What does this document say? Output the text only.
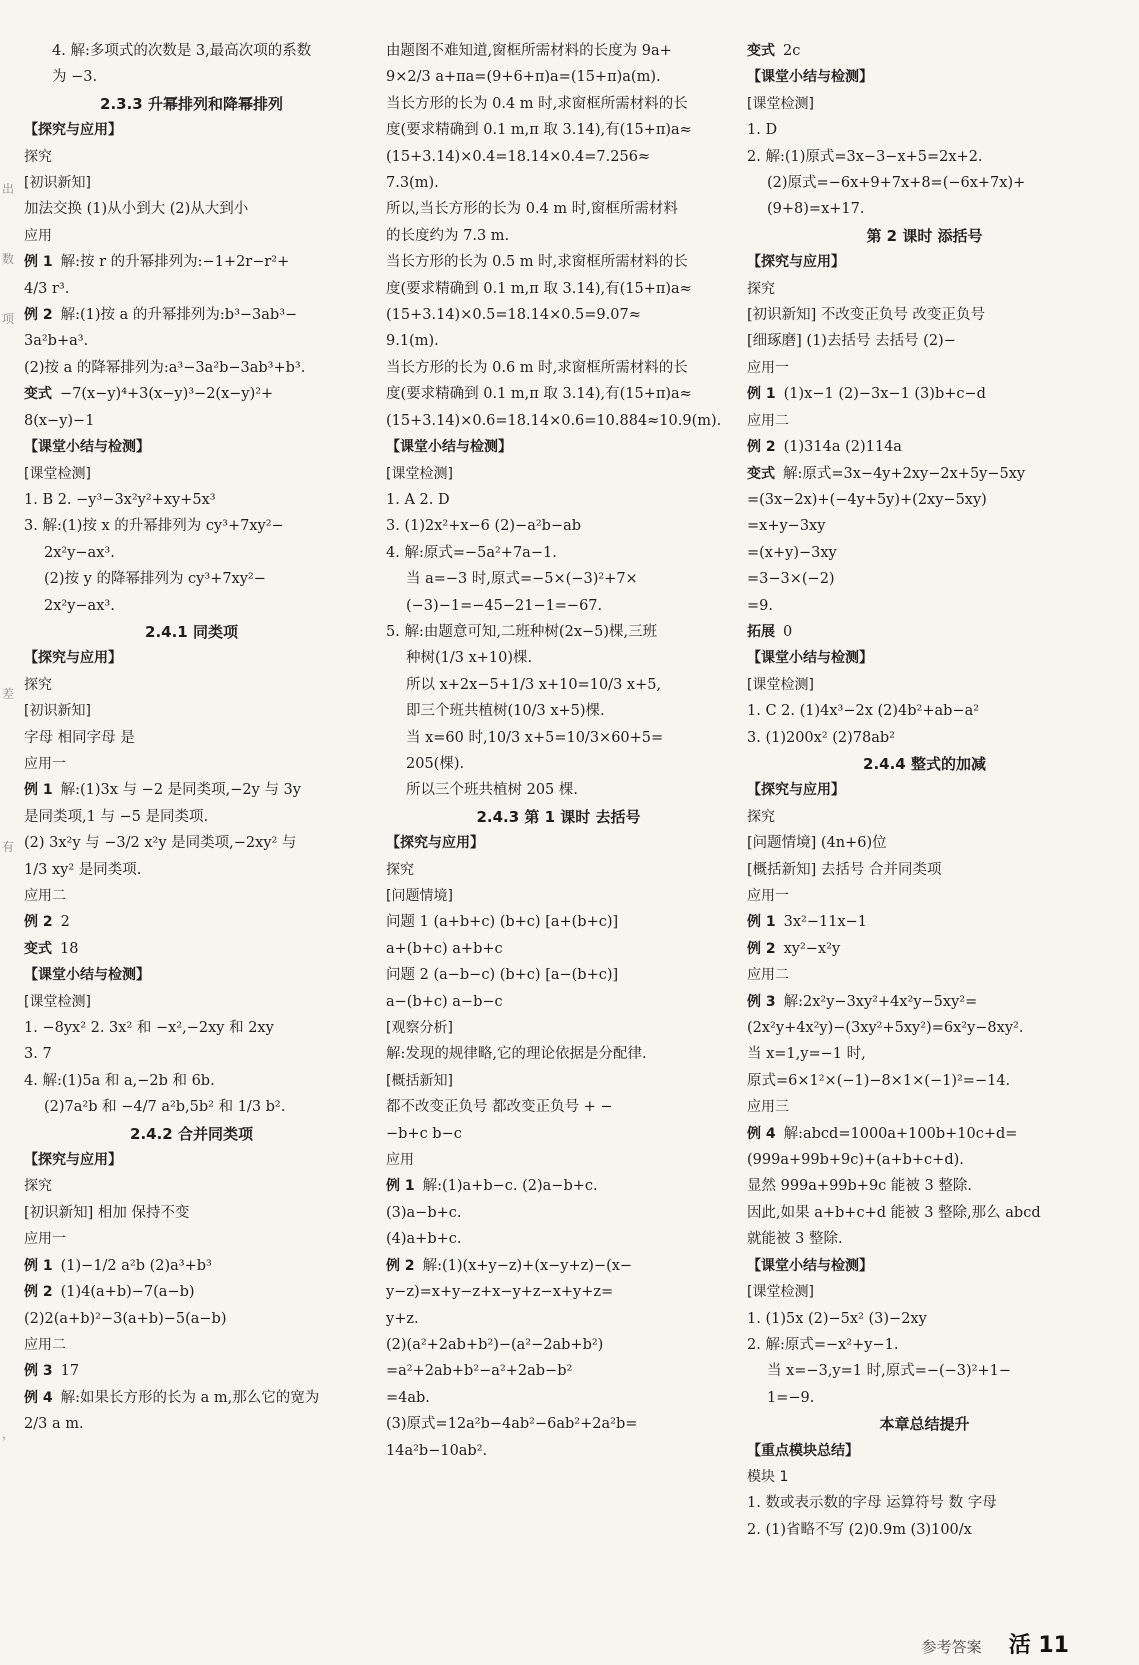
出
数
项
差
有
，
4. 解:多项式的次数是 3,最高次项的系数
为 −3.
2.3.3 升幂排列和降幂排列
【探究与应用】
探究
[初识新知]
加法交换 (1)从小到大 (2)从大到小
应用
例 1 解:按 r 的升幂排列为:−1+2r−r²+
4/3 r³.
例 2 解:(1)按 a 的升幂排列为:b³−3ab³−
3a²b+a³.
(2)按 a 的降幂排列为:a³−3a²b−3ab³+b³.
变式 −7(x−y)⁴+3(x−y)³−2(x−y)²+
8(x−y)−1
【课堂小结与检测】
[课堂检测]
1. B 2. −y³−3x²y²+xy+5x³
3. 解:(1)按 x 的升幂排列为 cy³+7xy²−
2x²y−ax³.
(2)按 y 的降幂排列为 cy³+7xy²−
2x²y−ax³.
2.4.1 同类项
【探究与应用】
探究
[初识新知]
字母 相同字母 是
应用一
例 1 解:(1)3x 与 −2 是同类项,−2y 与 3y
是同类项,1 与 −5 是同类项.
(2) 3x²y 与 −3/2 x²y 是同类项,−2xy² 与
1/3 xy² 是同类项.
应用二
例 2 2
变式 18
【课堂小结与检测】
[课堂检测]
1. −8yx² 2. 3x² 和 −x²,−2xy 和 2xy
3. 7
4. 解:(1)5a 和 a,−2b 和 6b.
(2)7a²b 和 −4/7 a²b,5b² 和 1/3 b².
2.4.2 合并同类项
【探究与应用】
探究
[初识新知] 相加 保持不变
应用一
例 1 (1)−1/2 a²b (2)a³+b³
例 2 (1)4(a+b)−7(a−b)
(2)2(a+b)²−3(a+b)−5(a−b)
应用二
例 3 17
例 4 解:如果长方形的长为 a m,那么它的宽为
2/3 a m.
由题图不难知道,窗框所需材料的长度为 9a+
9×2/3 a+πa=(9+6+π)a=(15+π)a(m).
当长方形的长为 0.4 m 时,求窗框所需材料的长
度(要求精确到 0.1 m,π 取 3.14),有(15+π)a≈
(15+3.14)×0.4=18.14×0.4=7.256≈
7.3(m).
所以,当长方形的长为 0.4 m 时,窗框所需材料
的长度约为 7.3 m.
当长方形的长为 0.5 m 时,求窗框所需材料的长
度(要求精确到 0.1 m,π 取 3.14),有(15+π)a≈
(15+3.14)×0.5=18.14×0.5=9.07≈
9.1(m).
当长方形的长为 0.6 m 时,求窗框所需材料的长
度(要求精确到 0.1 m,π 取 3.14),有(15+π)a≈
(15+3.14)×0.6=18.14×0.6=10.884≈10.9(m).
【课堂小结与检测】
[课堂检测]
1. A 2. D
3. (1)2x²+x−6 (2)−a²b−ab
4. 解:原式=−5a²+7a−1.
当 a=−3 时,原式=−5×(−3)²+7×
(−3)−1=−45−21−1=−67.
5. 解:由题意可知,二班种树(2x−5)棵,三班
种树(1/3 x+10)棵.
所以 x+2x−5+1/3 x+10=10/3 x+5,
即三个班共植树(10/3 x+5)棵.
当 x=60 时,10/3 x+5=10/3×60+5=
205(棵).
所以三个班共植树 205 棵.
2.4.3 第 1 课时 去括号
【探究与应用】
探究
[问题情境]
问题 1 (a+b+c) (b+c) [a+(b+c)]
a+(b+c) a+b+c
问题 2 (a−b−c) (b+c) [a−(b+c)]
a−(b+c) a−b−c
[观察分析]
解:发现的规律略,它的理论依据是分配律.
[概括新知]
都不改变正负号 都改变正负号 + −
−b+c b−c
应用
例 1 解:(1)a+b−c. (2)a−b+c.
(3)a−b+c.
(4)a+b+c.
例 2 解:(1)(x+y−z)+(x−y+z)−(x−
y−z)=x+y−z+x−y+z−x+y+z=
y+z.
(2)(a²+2ab+b²)−(a²−2ab+b²)
=a²+2ab+b²−a²+2ab−b²
=4ab.
(3)原式=12a²b−4ab²−6ab²+2a²b=
14a²b−10ab².
变式 2c
【课堂小结与检测】
[课堂检测]
1. D
2. 解:(1)原式=3x−3−x+5=2x+2.
(2)原式=−6x+9+7x+8=(−6x+7x)+
(9+8)=x+17.
第 2 课时 添括号
【探究与应用】
探究
[初识新知] 不改变正负号 改变正负号
[细琢磨] (1)去括号 去括号 (2)−
应用一
例 1 (1)x−1 (2)−3x−1 (3)b+c−d
应用二
例 2 (1)314a (2)114a
变式 解:原式=3x−4y+2xy−2x+5y−5xy
=(3x−2x)+(−4y+5y)+(2xy−5xy)
=x+y−3xy
=(x+y)−3xy
=3−3×(−2)
=9.
拓展 0
【课堂小结与检测】
[课堂检测]
1. C 2. (1)4x³−2x (2)4b²+ab−a²
3. (1)200x² (2)78ab²
2.4.4 整式的加减
【探究与应用】
探究
[问题情境] (4n+6)位
[概括新知] 去括号 合并同类项
应用一
例 1 3x²−11x−1
例 2 xy²−x²y
应用二
例 3 解:2x²y−3xy²+4x²y−5xy²=
(2x²y+4x²y)−(3xy²+5xy²)=6x²y−8xy².
当 x=1,y=−1 时,
原式=6×1²×(−1)−8×1×(−1)²=−14.
应用三
例 4 解:abcd=1000a+100b+10c+d=
(999a+99b+9c)+(a+b+c+d).
显然 999a+99b+9c 能被 3 整除.
因此,如果 a+b+c+d 能被 3 整除,那么 abcd
就能被 3 整除.
【课堂小结与检测】
[课堂检测]
1. (1)5x (2)−5x² (3)−2xy
2. 解:原式=−x²+y−1.
当 x=−3,y=1 时,原式=−(−3)²+1−
1=−9.
本章总结提升
【重点模块总结】
模块 1
1. 数或表示数的字母 运算符号 数 字母
2. (1)省略不写 (2)0.9m (3)100/x
参考答案 活 11
